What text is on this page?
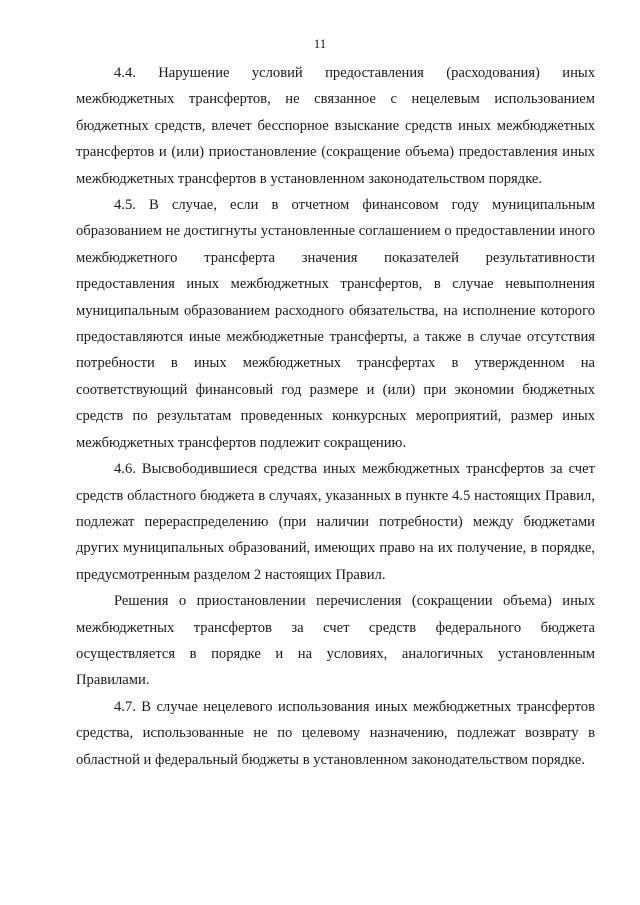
11

4.4. Нарушение условий предоставления (расходования) иных межбюджетных трансфертов, не связанное с нецелевым использованием бюджетных средств, влечет бесспорное взыскание средств иных межбюджетных трансфертов и (или) приостановление (сокращение объема) предоставления иных межбюджетных трансфертов в установленном законодательством порядке.

4.5. В случае, если в отчетном финансовом году муниципальным образованием не достигнуты установленные соглашением о предоставлении иного межбюджетного трансферта значения показателей результативности предоставления иных межбюджетных трансфертов, в случае невыполнения муниципальным образованием расходного обязательства, на исполнение которого предоставляются иные межбюджетные трансферты, а также в случае отсутствия потребности в иных межбюджетных трансфертах в утвержденном на соответствующий финансовый год размере и (или) при экономии бюджетных средств по результатам проведенных конкурсных мероприятий, размер иных межбюджетных трансфертов подлежит сокращению.

4.6. Высвободившиеся средства иных межбюджетных трансфертов за счет средств областного бюджета в случаях, указанных в пункте 4.5 настоящих Правил, подлежат перераспределению (при наличии потребности) между бюджетами других муниципальных образований, имеющих право на их получение, в порядке, предусмотренным разделом 2 настоящих Правил.

Решения о приостановлении перечисления (сокращении объема) иных межбюджетных трансфертов за счет средств федерального бюджета осуществляется в порядке и на условиях, аналогичных установленным Правилами.

4.7. В случае нецелевого использования иных межбюджетных трансфертов средства, использованные не по целевому назначению, подлежат возврату в областной и федеральный бюджеты в установленном законодательством порядке.
